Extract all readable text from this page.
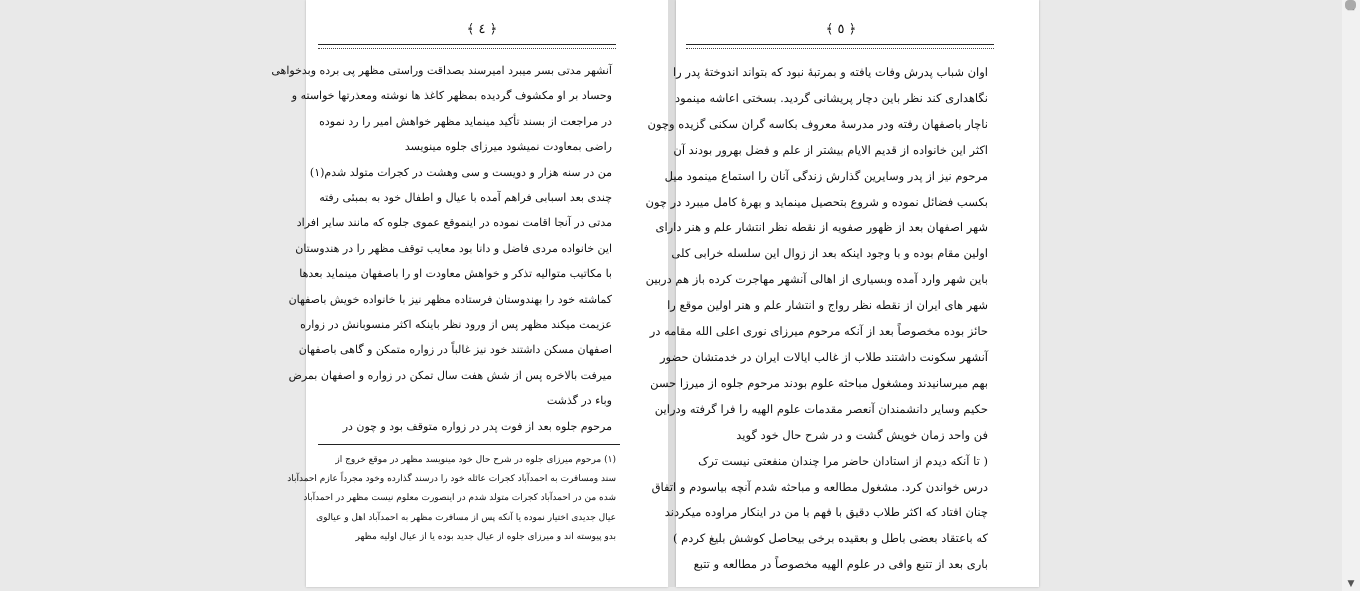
﴿ ٤ ﴾
آنشهر مدتی بسر میبرد امیرسند بصداقت وراستی مظهر پی برده وبدخواهی
وحساد بر او مکشوف گردیده بمظهر کاغذ ها نوشته ومعذرتها خواسته و
در مراجعت از بسند تأکید مینماید مظهر خواهش امیر را رد نموده
راضی بمعاودت نمیشود میرزای جلوه مینویسد
من در سنه هزار و دویست و سی وهشت در کجرات متولد شدم(۱)
چندی بعد اسبابی فراهم آمده با عیال و اطفال خود به بمبئی رفته
مدتی در آنجا اقامت نموده در اینموقع عموی جلوه که مانند سایر افراد
این خانواده مردی فاضل و دانا بود معایب توقف مظهر را در هندوستان
با مکاتیب متوالیه تذکر و خواهش معاودت او را باصفهان مینماید بعدها
کماشته خود را بهندوستان فرستاده مظهر نیز با خانواده خویش باصفهان
عزیمت میکند مظهر پس از ورود نظر باینکه اکثر منسوبانش در زواره
اصفهان مسکن داشتند خود نیز غالباً در زواره متمکن و گاهی باصفهان
میرفت بالاخره پس از شش هفت سال تمکن در زواره و اصفهان بمرض
وباء در گذشت
مرحوم جلوه بعد از فوت پدر در زواره متوقف بود و چون در
(۱) مرحوم میرزای جلوه در شرح حال خود مینویسد مظهر در موقع خروج از
سند ومسافرت به احمدآباد کجرات عائله خود را درسند گذارده وخود مجرداً عازم احمدآباد
شده من در احمدآباد کجرات متولد شدم در اینصورت معلوم نیست مظهر در احمدآباد
عیال جدیدی اختیار نموده یا آنکه پس از مسافرت مظهر به احمدآباد اهل و عیالوی
بدو پیوسته اند و میرزای جلوه از عیال جدید بوده یا از عیال اولیه مظهر
﴿ ٥ ﴾
اوان شباب پدرش وفات یافته و بمرتبهٔ نبود که بتواند اندوختهٔ پدر را
نگاهداری کند نظر باین دچار پریشانی گردید. بسختی اعاشه مینمود
ناچار باصفهان رفته ودر مدرسهٔ معروف بکاسه گران سکنی گزیده وچون
اکثر این خانواده از قدیم الایام بیشتر از علم و فضل بهرور بودند آن
مرحوم نیز از پدر وسایرین گذارش زندگی آنان را استماع مینمود میل
بکسب فضائل نموده و شروع بتحصیل مینماید و بهرهٔ کامل میبرد در چون
شهر اصفهان بعد از ظهور صفویه از نقطه نظر انتشار علم و هنر دارای
اولین مقام بوده و با وجود اینکه بعد از زوال این سلسله خرابی کلی
باین شهر وارد آمده وبسیاری از اهالی آنشهر مهاجرت کرده باز هم دربین
شهر های ایران از نقطه نظر رواج و انتشار علم و هنر اولین موقع را
حائز بوده مخصوصاً بعد از آنکه مرحوم میرزای نوری اعلی الله مقامه در
آنشهر سکونت داشتند طلاب از غالب ایالات ایران در خدمتشان حضور
بهم میرسانیدند ومشغول مباحثه علوم بودند مرحوم جلوه از میرزا حسن
حکیم وسایر دانشمندان آنعصر مقدمات علوم الهیه را فرا گرفته ودراین
فن واحد زمان خویش گشت و در شرح حال خود گوید
( تا آنکه دیدم از استادان حاضر مرا چندان منفعتی نیست ترک
درس خواندن کرد. مشغول مطالعه و مباحثه شدم آنچه بیاسودم و اتفاق
چنان افتاد که اکثر طلاب دقیق با فهم با من در اینکار مراوده میکردند
که باعتقاد بعضی باطل و بعقیده برخی بیحاصل کوشش بلیغ کردم )
باری بعد از تتبع وافی در علوم الهیه مخصوصاً در مطالعه و تتبع
▼
